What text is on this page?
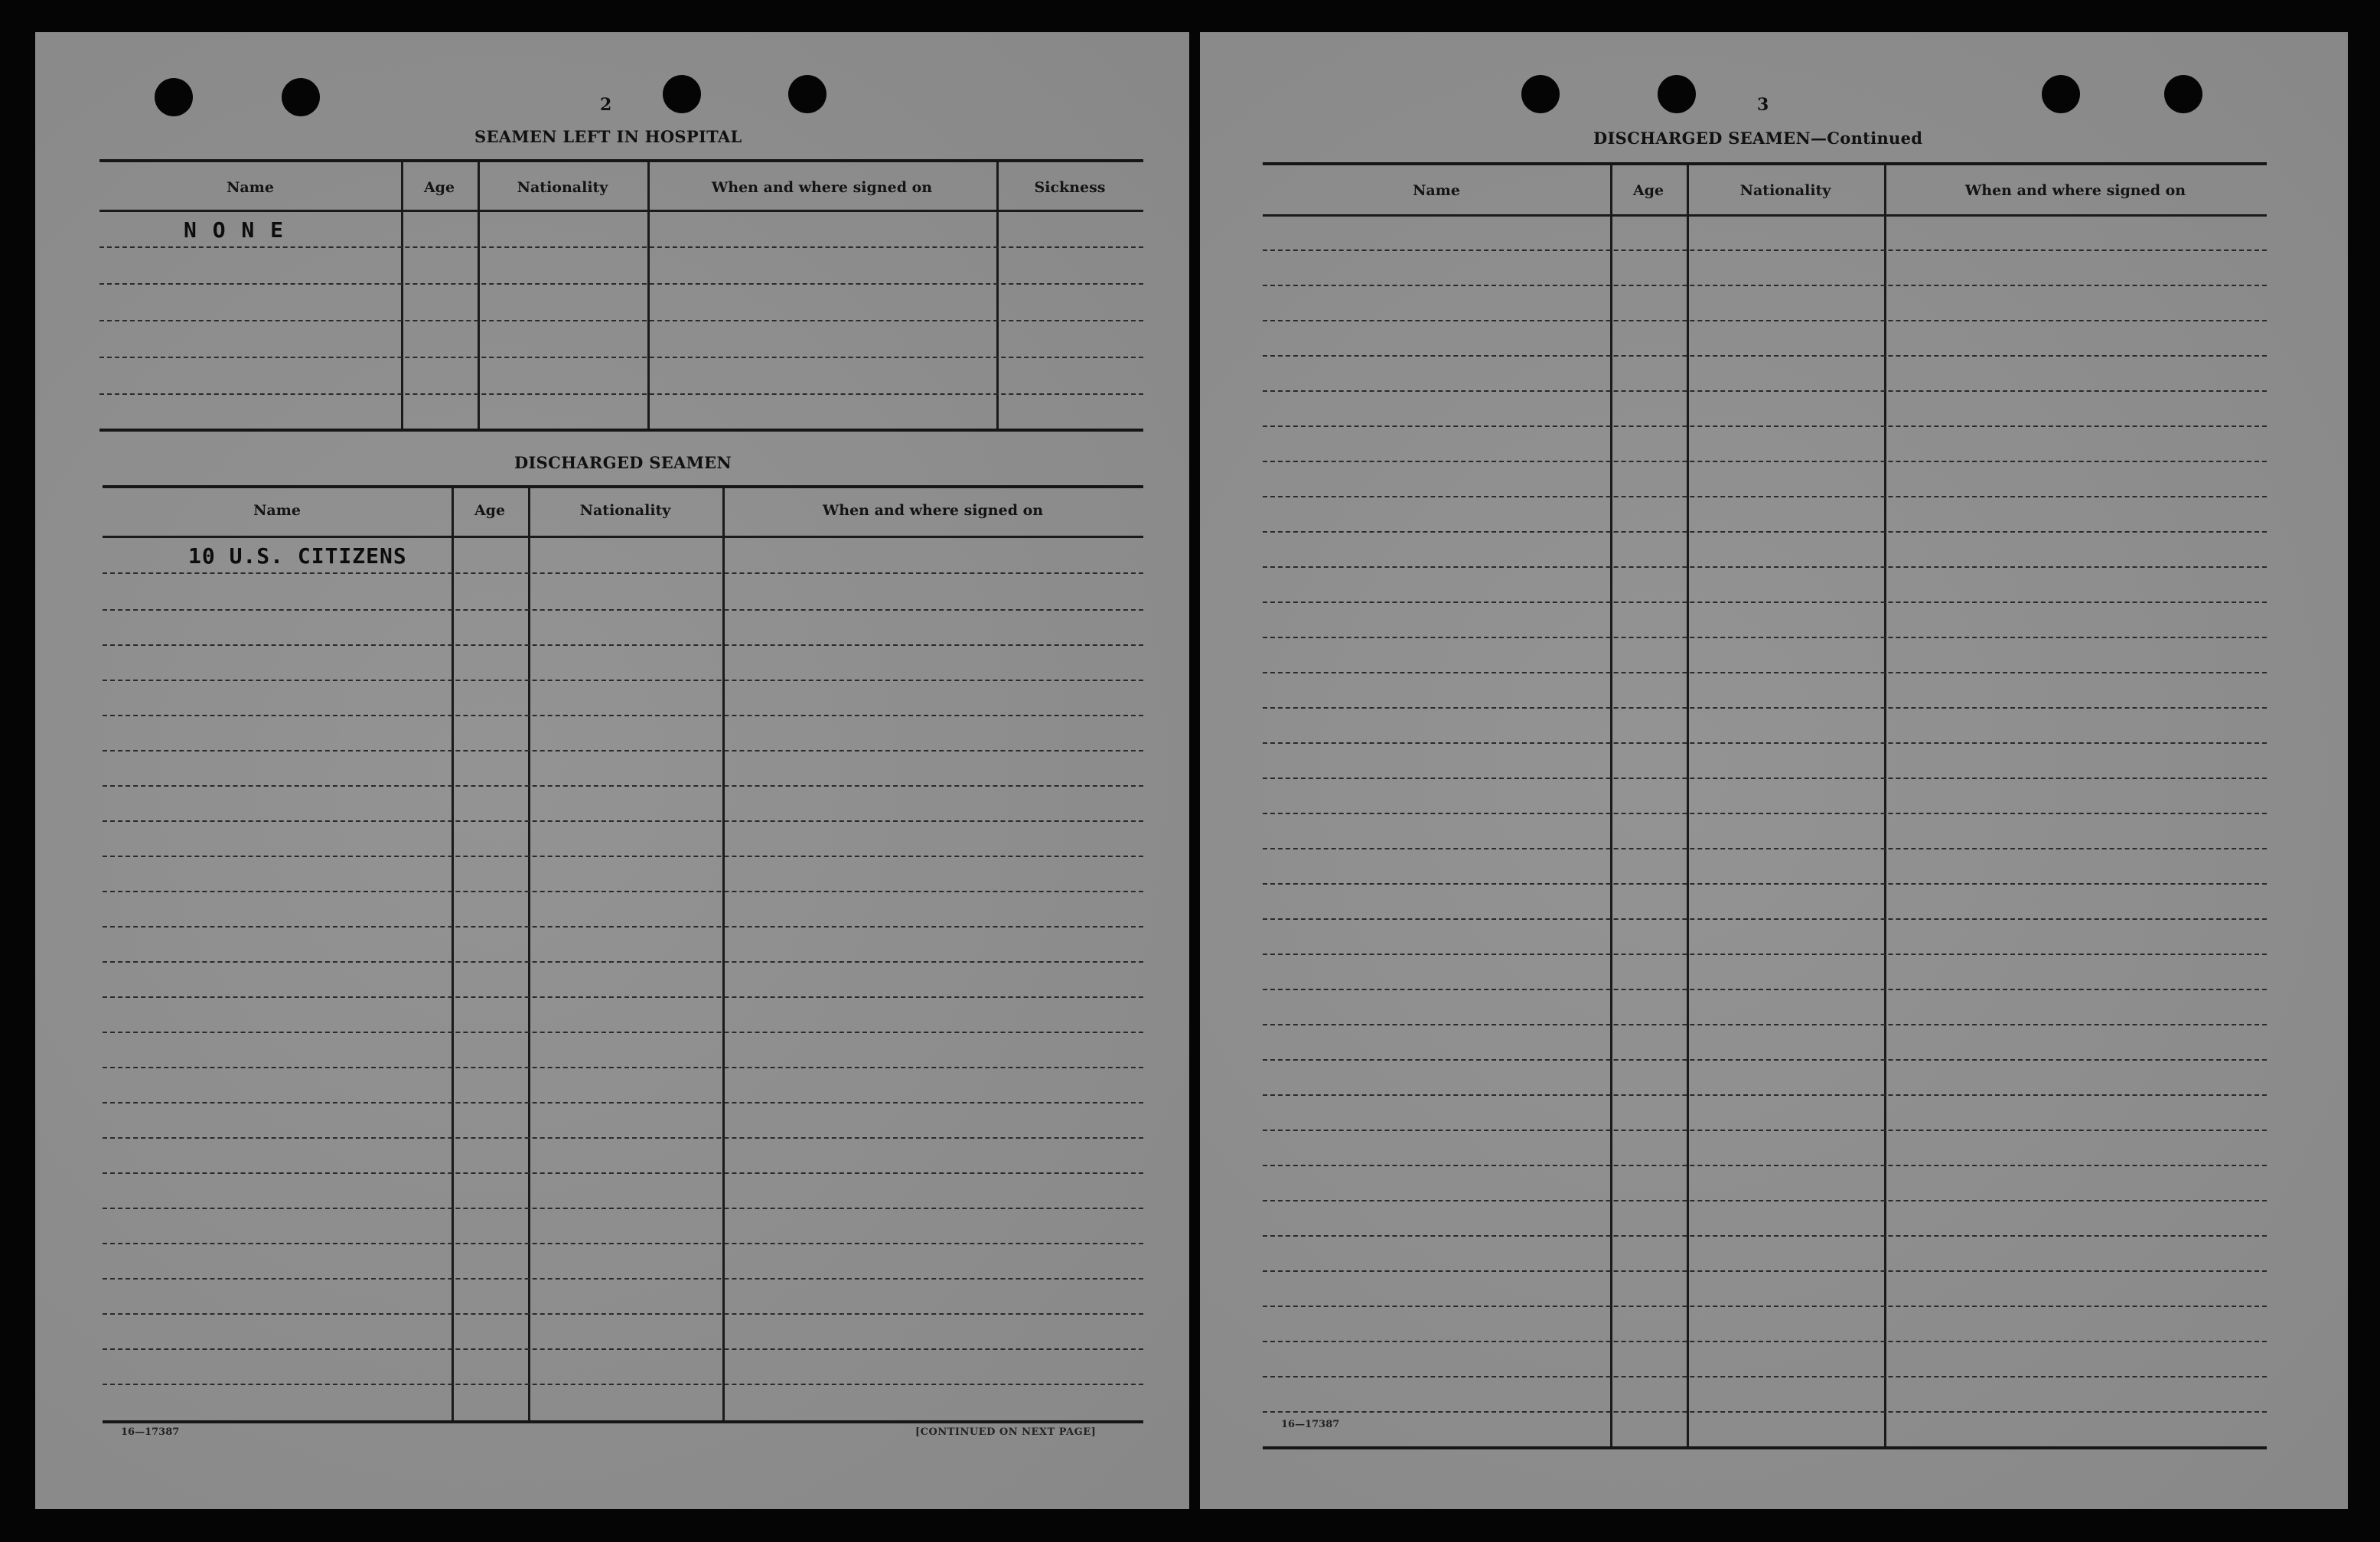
2
SEAMEN LEFT IN HOSPITAL
Name	Age	Nationality	When and where signed on	Sickness
N O N E
DISCHARGED SEAMEN
Name	Age	Nationality	When and where signed on
10 U.S. CITIZENS
16—17387	[CONTINUED ON NEXT PAGE]
3
DISCHARGED SEAMEN—Continued
Name	Age	Nationality	When and where signed on
16—17387
